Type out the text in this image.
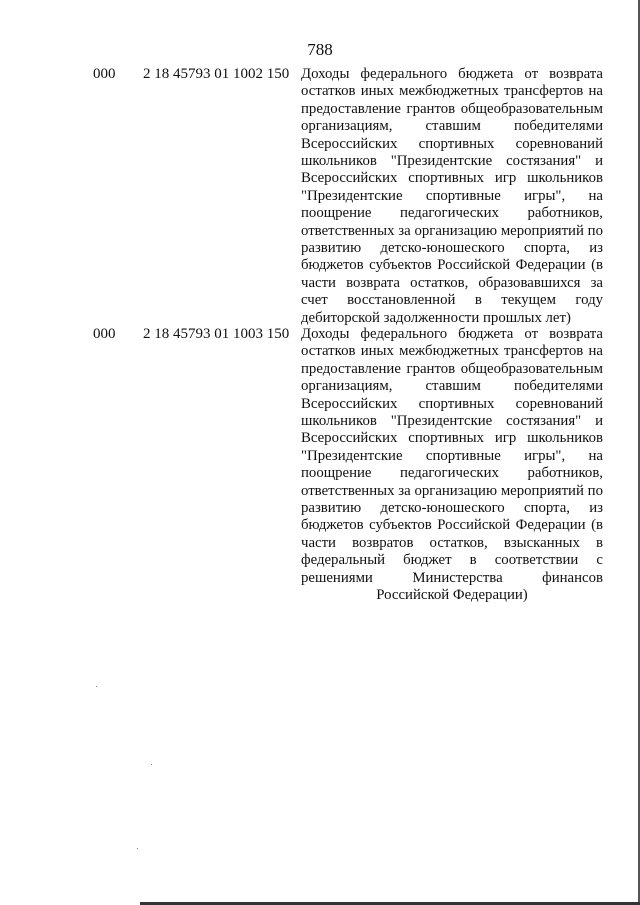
788
000 2 18 45793 01 1002 150 Доходы федерального бюджета от возврата
остатков иных межбюджетных трансфертов на
предоставление грантов общеобразовательным
организациям, ставшим победителями
Всероссийских спортивных соревнований
школьников "Президентские состязания" и
Всероссийских спортивных игр школьников
"Президентские спортивные игры", на
поощрение педагогических работников,
ответственных за организацию мероприятий по
развитию детско-юношеского спорта, из
бюджетов субъектов Российской Федерации (в
части возврата остатков, образовавшихся за
счет восстановленной в текущем году
дебиторской задолженности прошлых лет)
000 2 18 45793 01 1003 150 Доходы федерального бюджета от возврата
остатков иных межбюджетных трансфертов на
предоставление грантов общеобразовательным
организациям, ставшим победителями
Всероссийских спортивных соревнований
школьников "Президентские состязания" и
Всероссийских спортивных игр школьников
"Президентские спортивные игры", на
поощрение педагогических работников,
ответственных за организацию мероприятий по
развитию детско-юношеского спорта, из
бюджетов субъектов Российской Федерации (в
части возвратов остатков, взысканных в
федеральный бюджет в соответствии с
решениями Министерства финансов
Российской Федерации)
